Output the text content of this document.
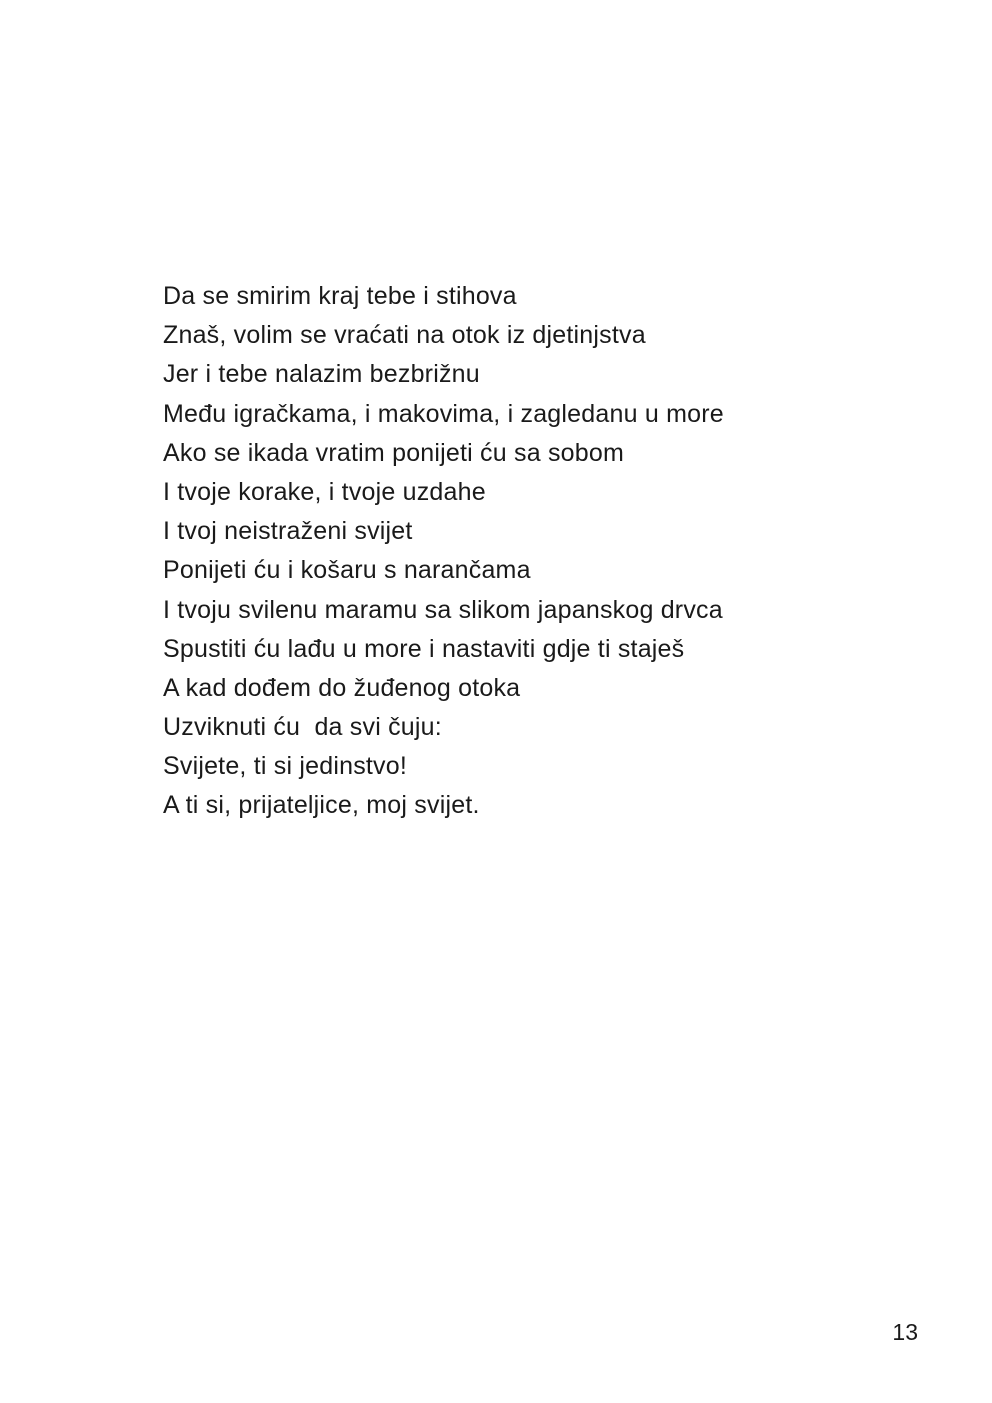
Da se smirim kraj tebe i stihova
Znaš, volim se vraćati na otok iz djetinjstva
Jer i tebe nalazim bezbrižnu
Među igračkama, i makovima, i zagledanu u more
Ako se ikada vratim ponijeti ću sa sobom
I tvoje korake, i tvoje uzdahe
I tvoj neistraženi svijet
Ponijeti ću i košaru s narančama
I tvoju svilenu maramu sa slikom japanskog drvca
Spustiti ću lađu u more i nastaviti gdje ti staješ
A kad dođem do žuđenog otoka
Uzviknuti ću  da svi čuju:
Svijete, ti si jedinstvo!
A ti si, prijateljice, moj svijet.
13
